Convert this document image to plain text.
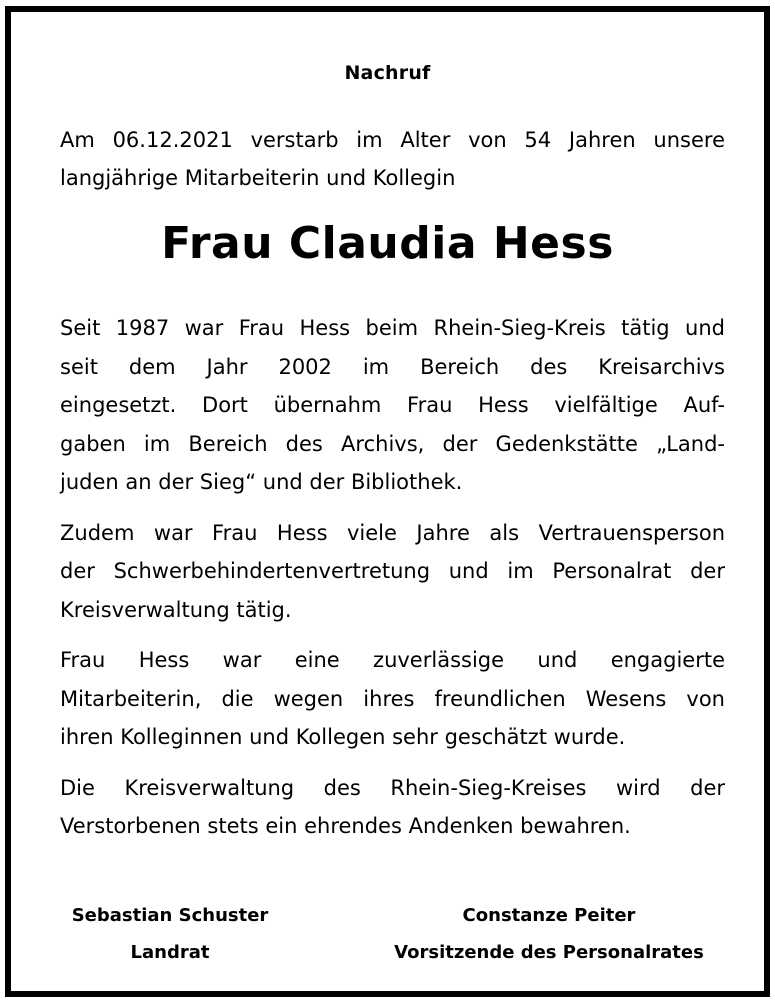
Nachruf
Am 06.12.2021 verstarb im Alter von 54 Jahren unsere
langjährige Mitarbeiterin und Kollegin
Frau Claudia Hess

Seit 1987 war Frau Hess beim Rhein-Sieg-Kreis tätig und
seit dem Jahr 2002 im Bereich des Kreisarchivs
eingesetzt. Dort übernahm Frau Hess vielfältige Auf-
gaben im Bereich des Archivs, der Gedenkstätte „Land-
juden an der Sieg“ und der Bibliothek.

Zudem war Frau Hess viele Jahre als Vertrauensperson
der Schwerbehindertenvertretung und im Personalrat der
Kreisverwaltung tätig.

Frau Hess war eine zuverlässige und engagierte
Mitarbeiterin, die wegen ihres freundlichen Wesens von
ihren Kolleginnen und Kollegen sehr geschätzt wurde.

Die Kreisverwaltung des Rhein-Sieg-Kreises wird der
Verstorbenen stets ein ehrendes Andenken bewahren.

Sebastian Schuster
Landrat
Constanze Peiter
Vorsitzende des Personalrates
